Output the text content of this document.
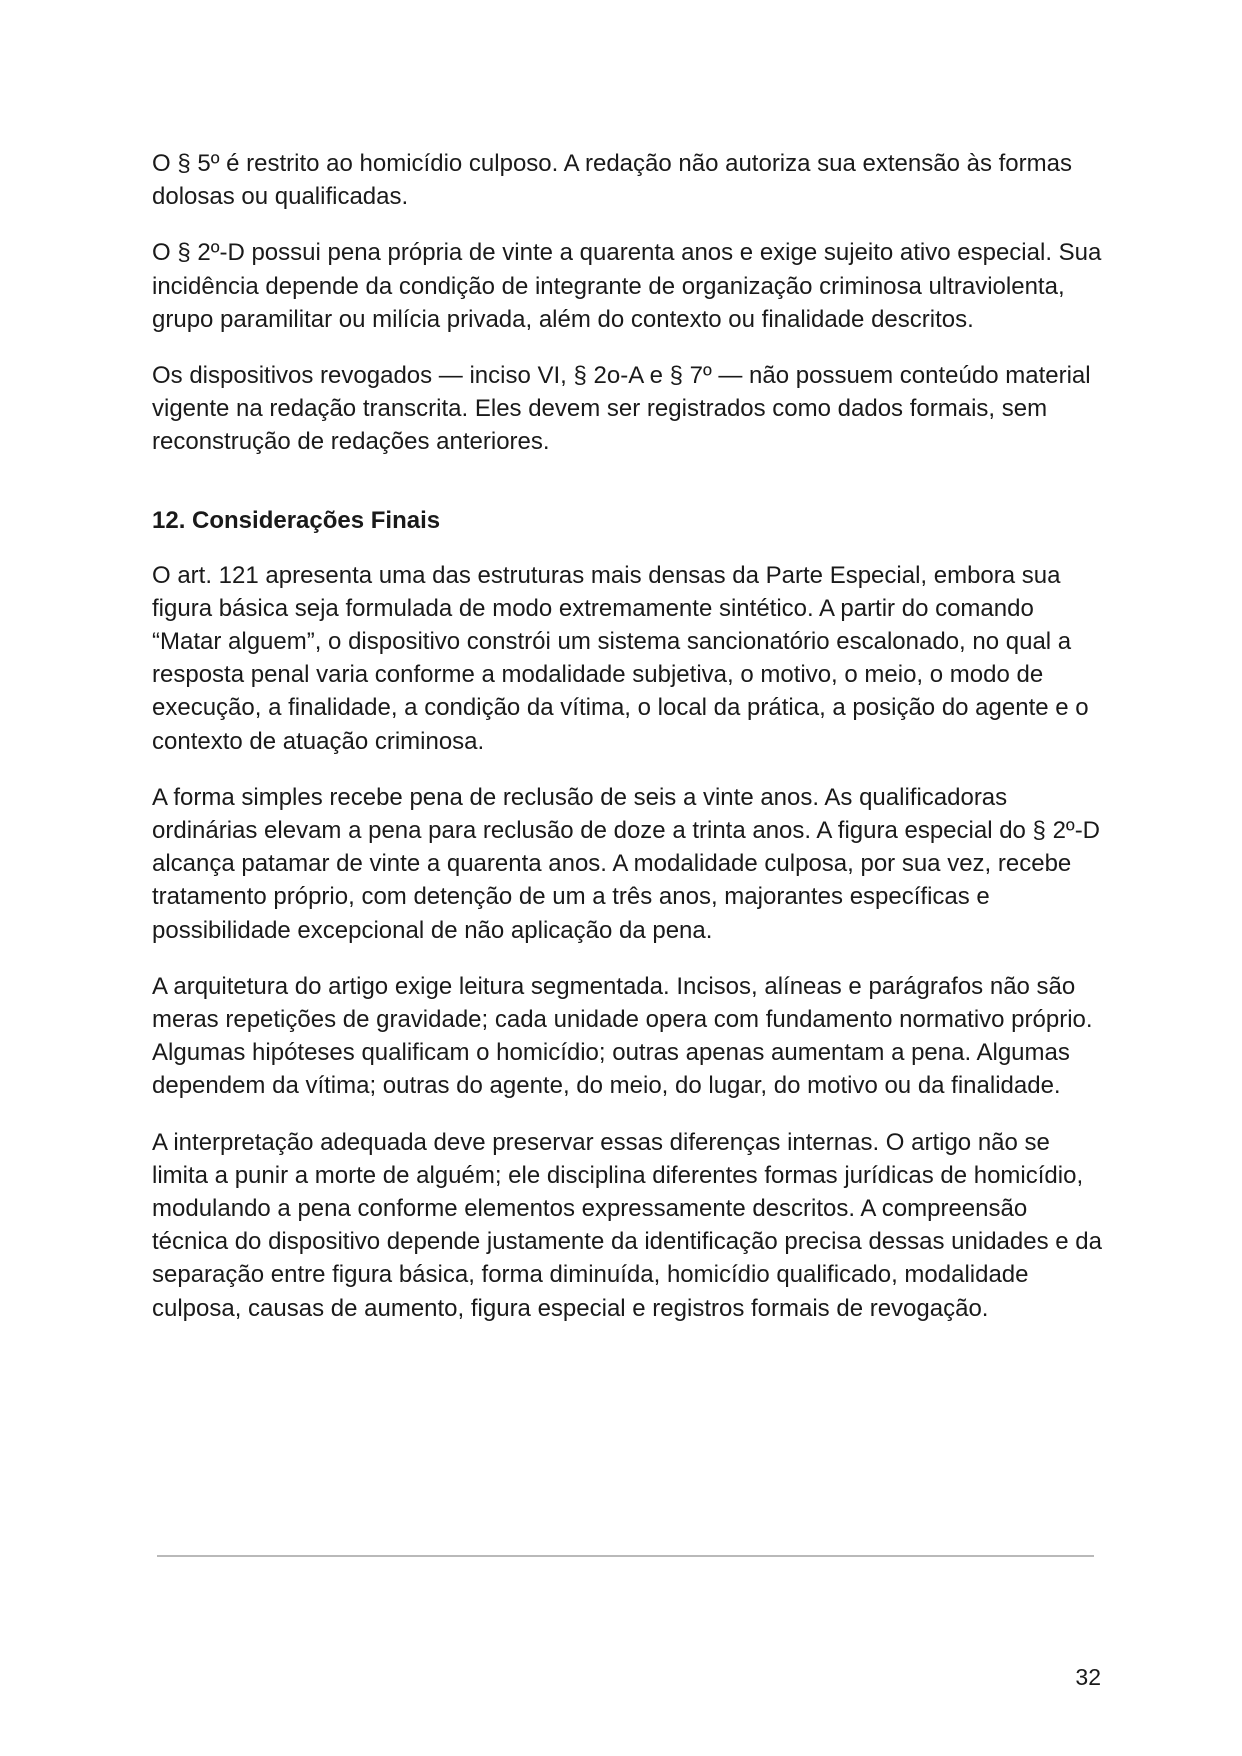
O § 5º é restrito ao homicídio culposo. A redação não autoriza sua extensão às formas dolosas ou qualificadas.

O § 2º-D possui pena própria de vinte a quarenta anos e exige sujeito ativo especial. Sua incidência depende da condição de integrante de organização criminosa ultraviolenta, grupo paramilitar ou milícia privada, além do contexto ou finalidade descritos.

Os dispositivos revogados — inciso VI, § 2o-A e § 7º — não possuem conteúdo material vigente na redação transcrita. Eles devem ser registrados como dados formais, sem reconstrução de redações anteriores.

12. Considerações Finais

O art. 121 apresenta uma das estruturas mais densas da Parte Especial, embora sua figura básica seja formulada de modo extremamente sintético. A partir do comando “Matar alguem”, o dispositivo constrói um sistema sancionatório escalonado, no qual a resposta penal varia conforme a modalidade subjetiva, o motivo, o meio, o modo de execução, a finalidade, a condição da vítima, o local da prática, a posição do agente e o contexto de atuação criminosa.

A forma simples recebe pena de reclusão de seis a vinte anos. As qualificadoras ordinárias elevam a pena para reclusão de doze a trinta anos. A figura especial do § 2º-D alcança patamar de vinte a quarenta anos. A modalidade culposa, por sua vez, recebe tratamento próprio, com detenção de um a três anos, majorantes específicas e possibilidade excepcional de não aplicação da pena.

A arquitetura do artigo exige leitura segmentada. Incisos, alíneas e parágrafos não são meras repetições de gravidade; cada unidade opera com fundamento normativo próprio. Algumas hipóteses qualificam o homicídio; outras apenas aumentam a pena. Algumas dependem da vítima; outras do agente, do meio, do lugar, do motivo ou da finalidade.

A interpretação adequada deve preservar essas diferenças internas. O artigo não se limita a punir a morte de alguém; ele disciplina diferentes formas jurídicas de homicídio, modulando a pena conforme elementos expressamente descritos. A compreensão técnica do dispositivo depende justamente da identificação precisa dessas unidades e da separação entre figura básica, forma diminuída, homicídio qualificado, modalidade culposa, causas de aumento, figura especial e registros formais de revogação.

32
